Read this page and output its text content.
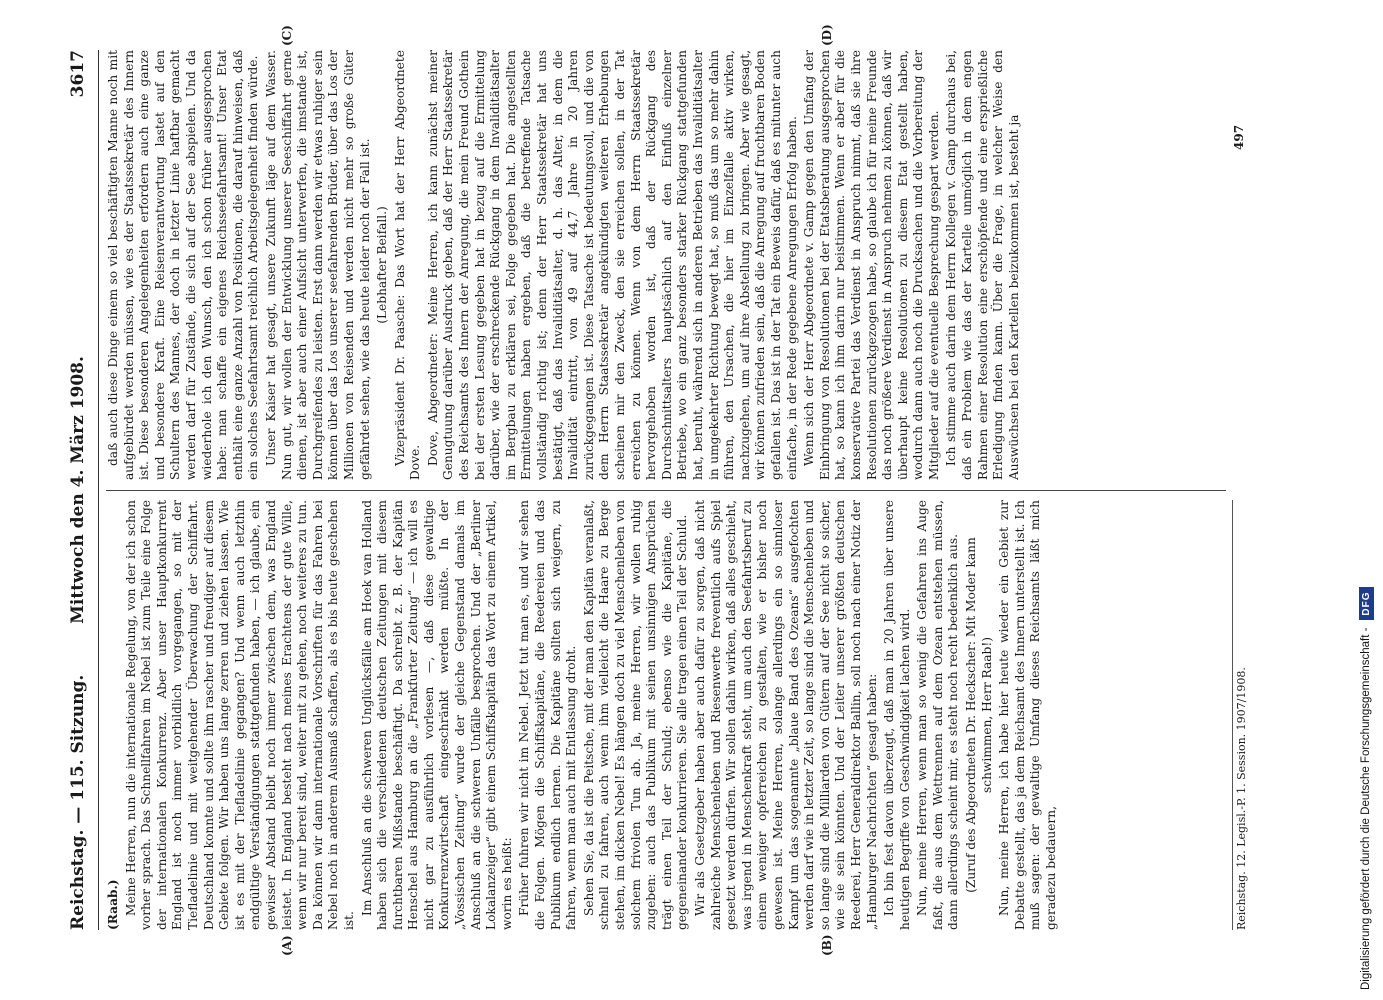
Reichstag. — 115. Sitzung.
Mittwoch den 4. März 1908.
3617
(A)	(B)
(C)	(D)

(Raab.) Meine Herren, nun die internationale Regelung, von der ich schon vorher sprach. Das Schnellfahren im Nebel ist zum Teile eine Folge der internationalen Konkurrenz. Aber unser Hauptkonkurrent England ist noch immer vorbildlich vorgegangen, so mit der Tiefladelinie und mit weitgehender Überwachung der Schiffahrt. Deutschland konnte und sollte ihm rascher und freudiger auf diesem Gebiete folgen. Wir haben uns lange zerren und ziehen lassen. Wie ist es mit der Tiefladelinie gegangen? Und wenn auch letzthin endgültige Verständigungen stattgefunden haben, — ich glaube, ein gewisser Abstand bleibt noch immer zwischen dem, was England leistet. In England besteht nach meines Erachtens der gute Wille, wenn wir nur bereit sind, weiter mit zu gehen, noch weiteres zu tun. Da können wir dann internationale Vorschriften für das Fahren bei Nebel noch in anderem Ausmaß schaffen, als es bis heute geschehen ist.

Im Anschluß an die schweren Unglücksfälle am Hoek van Holland haben sich die verschiedenen deutschen Zeitungen mit diesem furchtbaren Mißstande beschäftigt. Da schreibt z. B. der Kapitän Henschel aus Hamburg an die „Frankfurter Zeitung“ — ich will es nicht gar zu ausführlich vorlesen —, daß diese gewaltige Konkurrenzwirtschaft eingeschränkt werden müßte. In der „Vossischen Zeitung“ wurde der gleiche Gegenstand damals im Anschluß an die schweren Unfälle besprochen. Und der „Berliner Lokalanzeiger“ gibt einem Schiffskapitän das Wort zu einem Artikel, worin es heißt: Früher fuhren wir nicht im Nebel. Jetzt tut man es, und wir sehen die Folgen. Mögen die Schiffskapitäne, die Reedereien und das Publikum endlich lernen. Die Kapitäne sollten sich weigern, zu fahren, wenn man auch mit Entlassung droht. Sehen Sie, da ist die Peitsche, mit der man den Kapitän veranlaßt, schnell zu fahren, auch wenn ihm vielleicht die Haare zu Berge stehen, im dicken Nebel! Es hängen doch zu viel Menschenleben von solchem frivolen Tun ab. Ja, meine Herren, wir wollen ruhig zugeben: auch das Publikum mit seinen unsinnigen Ansprüchen trägt einen Teil der Schuld; ebenso wie die Kapitäne, die gegeneinander konkurrieren. Sie alle tragen einen Teil der Schuld. Wir als Gesetzgeber haben aber auch dafür zu sorgen, daß nicht zahlreiche Menschenleben und Riesenwerte freventlich aufs Spiel gesetzt werden dürfen. Wir sollen dahin wirken, daß alles geschieht, was irgend in Menschenkraft steht, um auch den Seefahrtsberuf zu einem weniger opferreichen zu gestalten, wie er bisher noch gewesen ist. Meine Herren, solange allerdings ein so sinnloser Kampf um das sogenannte „blaue Band des Ozeans“ ausgefochten werden darf wie in letzter Zeit, so lange sind die Menschenleben und so lange sind die Milliarden von Gütern auf der See nicht so sicher, wie sie sein könnten. Und der Leiter unserer größten deutschen Reederei, Herr Generaldirektor Ballin, soll noch nach einer Notiz der „Hamburger Nachrichten“ gesagt haben: Ich bin fest davon überzeugt, daß man in 20 Jahren über unsere heutigen Begriffe von Geschwindigkeit lachen wird. Nun, meine Herren, wenn man so wenig die Gefahren ins Auge faßt, die aus dem Wettrennen auf dem Ozean entstehen müssen, dann allerdings scheint mir, es steht noch recht bedenklich aus. (Zuruf des Abgeordneten Dr. Heckscher: Mit Moder kann schwimmen, Herr Raab!) Nun, meine Herren, ich habe hier heute wieder ein Gebiet zur Debatte gestellt, das ja dem Reichsamt des Innern unterstellt ist. Ich muß sagen: der gewaltige Umfang dieses Reichsamts läßt mich geradezu bedauern,

daß auch diese Dinge einem so viel beschäftigten Manne noch mit aufgebürdet werden müssen, wie es der Staatssekretär des Innern ist. Diese besonderen Angelegenheiten erfordern auch eine ganze und besondere Kraft. Eine Reisenverantwortung lastet auf den Schultern des Mannes, der doch in letzter Linie haftbar gemacht werden darf für Zustände, die sich auf der See abspielen. Und da wiederhole ich den Wunsch, den ich schon früher ausgesprochen habe: man schaffe ein eigenes Reichsseefahrtsamt! Unser Etat enthält eine ganze Anzahl von Positionen, die darauf hinweisen, daß ein solches Seefahrtsamt reichlich Arbeitsgelegenheit finden würde. Unser Kaiser hat gesagt, unsere Zukunft läge auf dem Wasser. Nun gut, wir wollen der Entwicklung unserer Seeschiffahrt gerne dienen, ist aber auch einer Aufsicht unterwerfen, die imstande ist, Durchgreifendes zu leisten. Erst dann werden wir etwas ruhiger sein können über das Los unserer seefahrenden Brüder, über das Los der Millionen von Reisenden und werden nicht mehr so große Güter gefährdet sehen, wie das heute leider noch der Fall ist. (Lebhafter Beifall.) Vizepräsident Dr. Paasche: Das Wort hat der Herr Abgeordnete Dove. Dove, Abgeordneter: Meine Herren, ich kann zunächst meiner Genugtuung darüber Ausdruck geben, daß der Herr Staatssekretär des Reichsamts des Innern der Anregung, die mein Freund Gothein bei der ersten Lesung gegeben hat in bezug auf die Ermittelung darüber, wie der erschreckende Rückgang in dem Invaliditätsalter im Bergbau zu erklären sei, Folge gegeben hat. Die angestellten Ermittelungen haben ergeben, daß die betreffende Tatsache vollständig richtig ist; denn der Herr Staatssekretär hat uns bestätigt, daß das Invaliditätsalter, d. h. das Alter, in dem die Invalidität eintritt, von 49 auf 44,7 Jahre in 20 Jahren zurückgegangen ist. Diese Tatsache ist bedeutungsvoll, und die von dem Herrn Staatssekretär angekündigten weiteren Erhebungen scheinen mir den Zweck, den sie erreichen sollen, in der Tat erreichen zu können. Wenn von dem Herrn Staatssekretär hervorgehoben worden ist, daß der Rückgang des Durchschnittsalters hauptsächlich auf den Einfluß einzelner Betriebe, wo ein ganz besonders starker Rückgang stattgefunden hat, beruht, während sich in anderen Betrieben das Invaliditätsalter in umgekehrter Richtung bewegt hat, so muß das um so mehr dahin führen, den Ursachen, die hier im Einzelfalle aktiv wirken, nachzugehen, um auf ihre Abstellung zu bringen. Aber wie gesagt, wir können zufrieden sein, daß die Anregung auf fruchtbaren Boden gefallen ist. Das ist in der Tat ein Beweis dafür, daß es mitunter auch einfache, in der Rede gegebene Anregungen Erfolg haben. Wenn sich der Herr Abgeordnete v. Gamp gegen den Umfang der Einbringung von Resolutionen bei der Etatsberatung ausgesprochen hat, so kann ich ihm darin nur beistimmen. Wenn er aber für die konservative Partei das Verdienst in Anspruch nimmt, daß sie ihre Resolutionen zurückgezogen habe, so glaube ich für meine Freunde das noch größere Verdienst in Anspruch nehmen zu können, daß wir überhaupt keine Resolutionen zu diesem Etat gestellt haben, wodurch dann auch noch die Drucksachen und die Vorbereitung der Mitglieder auf die eventuelle Besprechung gespart werden. Ich stimme auch darin dem Herrn Kollegen v. Gamp durchaus bei, daß ein Problem wie das der Kartelle unmöglich in dem engen Rahmen einer Resolution eine erschöpfende und eine ersprießliche Erledigung finden kann. Über die Frage, in welcher Weise den Auswüchsen bei den Kartellen beizukommen ist, besteht ja

Reichstag. 12. Legisl.-P. 1. Session. 1907/1908.
497
Digitalisierung gefördert durch die Deutsche Forschungsgemeinschaft -
DFG
